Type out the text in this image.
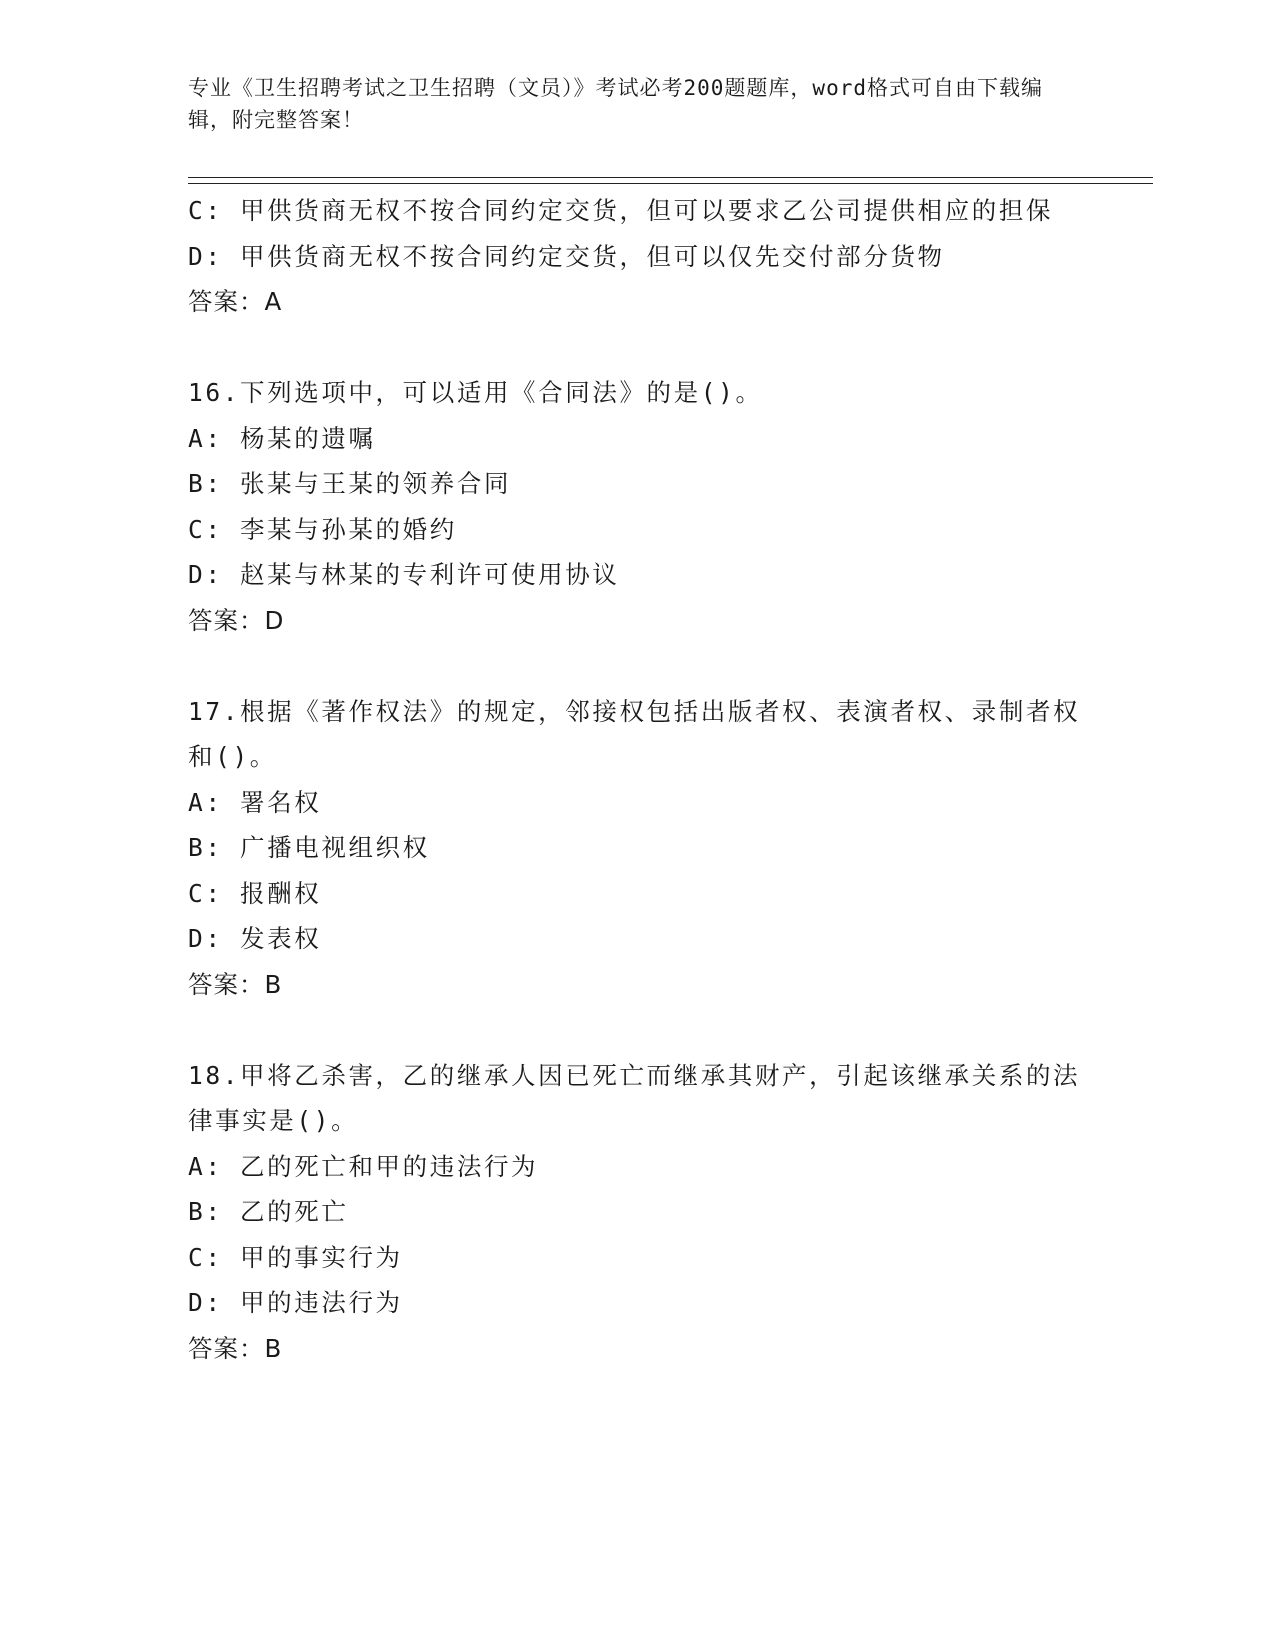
专业《卫生招聘考试之卫生招聘（文员）》考试必考200题题库，word格式可自由下载编辑，附完整答案！
C: 甲供货商无权不按合同约定交货，但可以要求乙公司提供相应的担保
D: 甲供货商无权不按合同约定交货，但可以仅先交付部分货物
答案：A
16.下列选项中，可以适用《合同法》的是()。
A: 杨某的遗嘱
B: 张某与王某的领养合同
C: 李某与孙某的婚约
D: 赵某与林某的专利许可使用协议
答案：D
17.根据《著作权法》的规定，邻接权包括出版者权、表演者权、录制者权和()。
A: 署名权
B: 广播电视组织权
C: 报酬权
D: 发表权
答案：B
18.甲将乙杀害，乙的继承人因已死亡而继承其财产，引起该继承关系的法律事实是()。
A: 乙的死亡和甲的违法行为
B: 乙的死亡
C: 甲的事实行为
D: 甲的违法行为
答案：B
